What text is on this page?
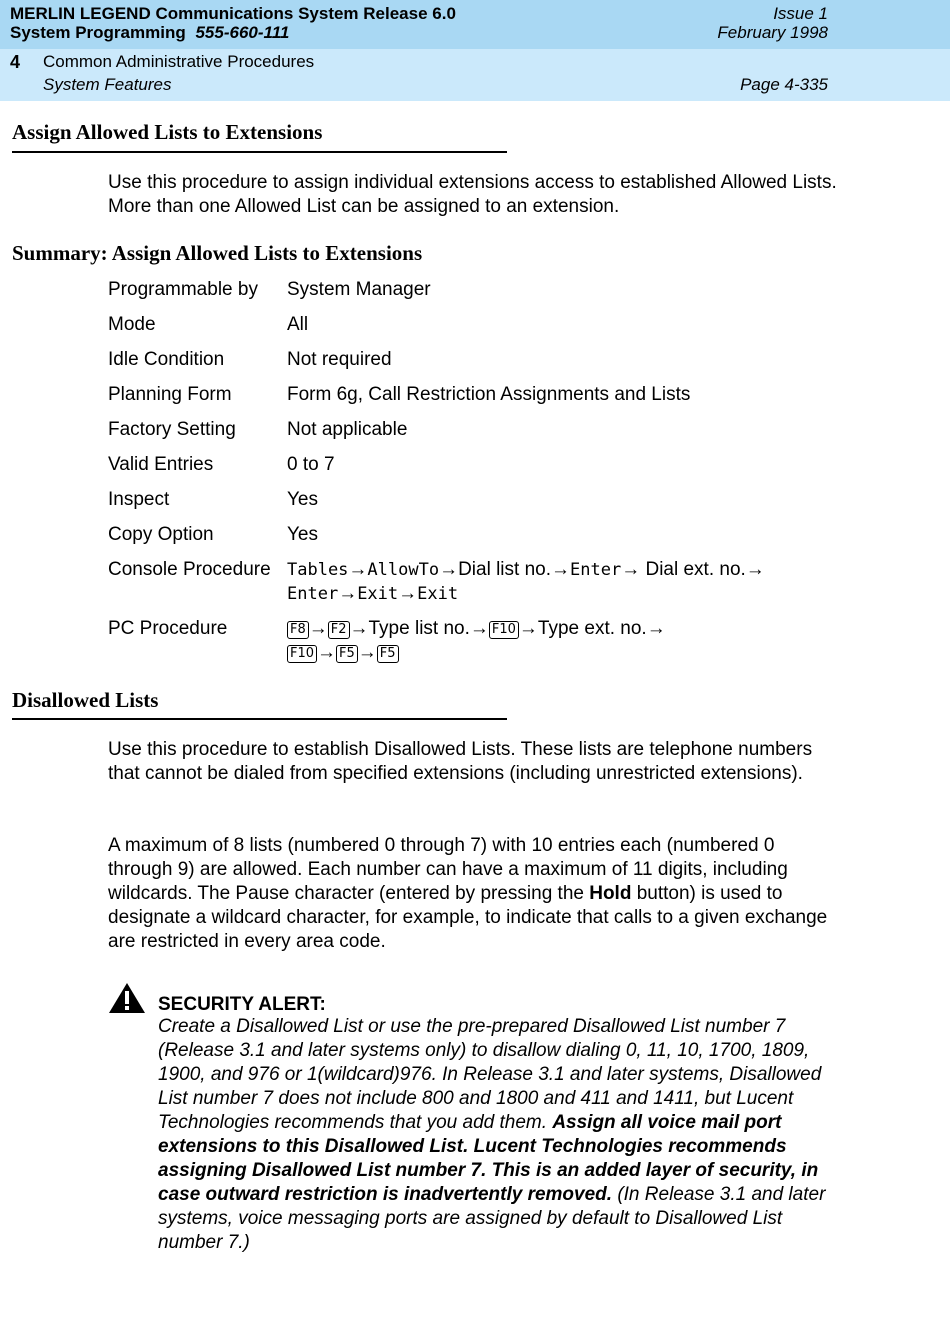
MERLIN LEGEND Communications System Release 6.0
System Programming 555-660-111
Issue 1
February 1998
4 Common Administrative Procedures
System Features	Page 4-335
Assign Allowed Lists to Extensions
Use this procedure to assign individual extensions access to established Allowed Lists. More than one Allowed List can be assigned to an extension.
Summary: Assign Allowed Lists to Extensions
Programmable by System Manager
Mode	All
Idle Condition	Not required
Planning Form	Form 6g, Call Restriction Assignments and Lists
Factory Setting	Not applicable
Valid Entries	0 to 7
Inspect	Yes
Copy Option	Yes
Console Procedure Tables→AllowTo→Dial list no.→Enter→ Dial ext. no.→
Enter→Exit→Exit
PC Procedure	F8 → F2 →Type list no.→ F10 →Type ext. no.→
F10 → F5 → F5
Disallowed Lists
Use this procedure to establish Disallowed Lists. These lists are telephone numbers that cannot be dialed from specified extensions (including unrestricted extensions).
A maximum of 8 lists (numbered 0 through 7) with 10 entries each (numbered 0 through 9) are allowed. Each number can have a maximum of 11 digits, including wildcards. The Pause character (entered by pressing the Hold button) is used to designate a wildcard character, for example, to indicate that calls to a given exchange are restricted in every area code.
SECURITY ALERT:
Create a Disallowed List or use the pre-prepared Disallowed List number 7 (Release 3.1 and later systems only) to disallow dialing 0, 11, 10, 1700, 1809, 1900, and 976 or 1(wildcard)976. In Release 3.1 and later systems, Disallowed List number 7 does not include 800 and 1800 and 411 and 1411, but Lucent Technologies recommends that you add them. Assign all voice mail port extensions to this Disallowed List. Lucent Technologies recommends assigning Disallowed List number 7. This is an added layer of security, in case outward restriction is inadvertently removed. (In Release 3.1 and later systems, voice messaging ports are assigned by default to Disallowed List number 7.)
